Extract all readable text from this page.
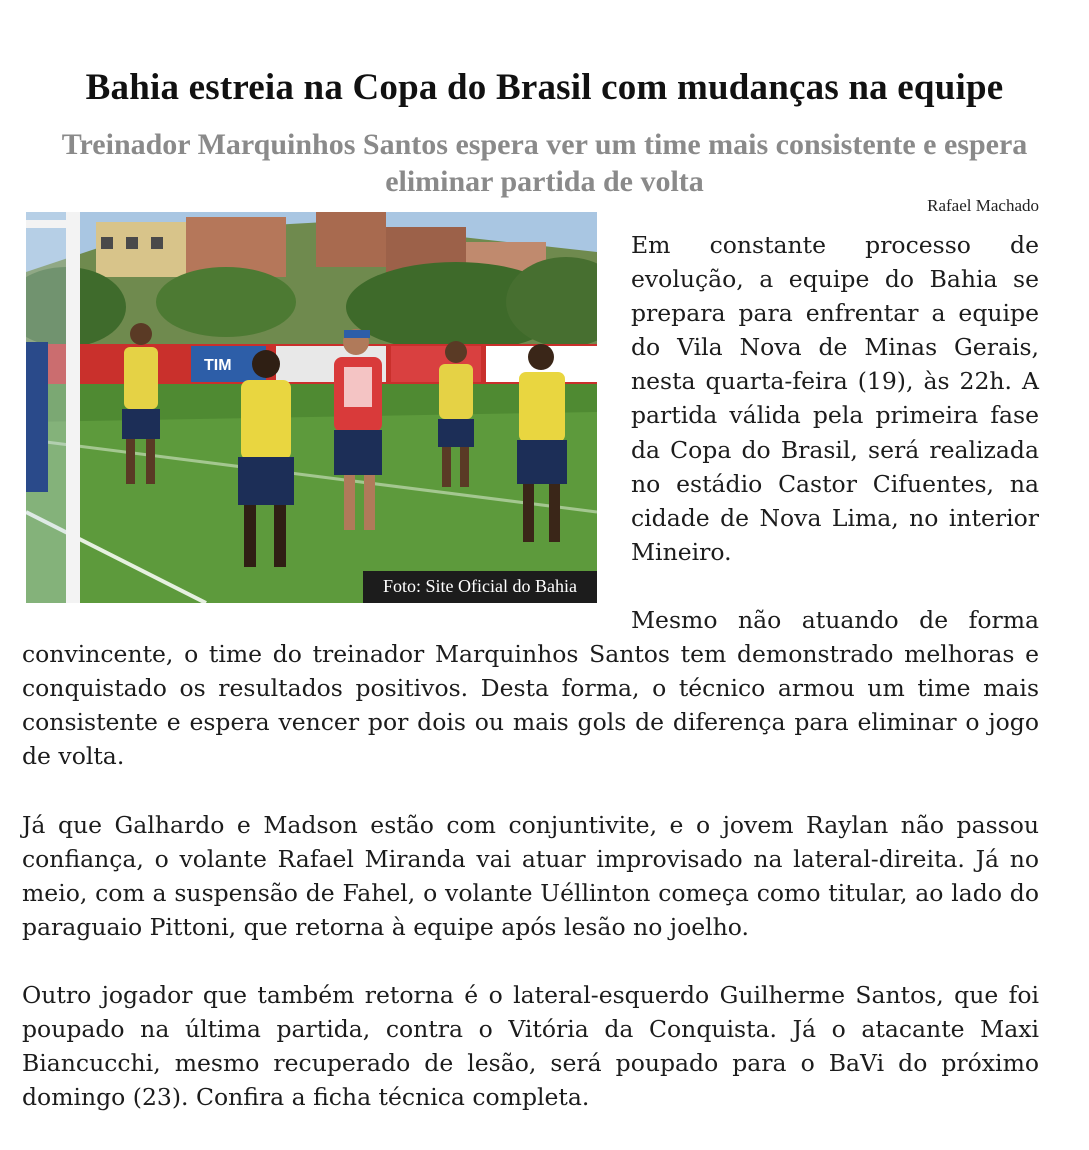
Bahia estreia na Copa do Brasil com mudanças na equipe
Treinador Marquinhos Santos espera ver um time mais consistente e espera eliminar partida de volta
Rafael Machado

Em constante processo de evolução, a equipe do Bahia se prepara para enfrentar a equipe do Vila Nova de Minas Gerais, nesta quarta-feira (19), às 22h. A partida válida pela primeira fase da Copa do Brasil, será realizada no estádio Castor Cifuentes, na cidade de Nova Lima, no interior Mineiro.

Mesmo não atuando de forma convincente, o time do treinador Marquinhos Santos tem demonstrado melhoras e conquistado os resultados positivos. Desta forma, o técnico armou um time mais consistente e espera vencer por dois ou mais gols de diferença para eliminar o jogo de volta.

Já que Galhardo e Madson estão com conjuntivite, e o jovem Raylan não passou confiança, o volante Rafael Miranda vai atuar improvisado na lateral-direita. Já no meio, com a suspensão de Fahel, o volante Uéllinton começa como titular, ao lado do paraguaio Pittoni, que retorna à equipe após lesão no joelho.

Outro jogador que também retorna é o lateral-esquerdo Guilherme Santos, que foi poupado na última partida, contra o Vitória da Conquista. Já o atacante Maxi Biancucchi, mesmo recuperado de lesão, será poupado para o BaVi do próximo domingo (23). Confira a ficha técnica completa.

TIM
Foto: Site Oficial do Bahia
